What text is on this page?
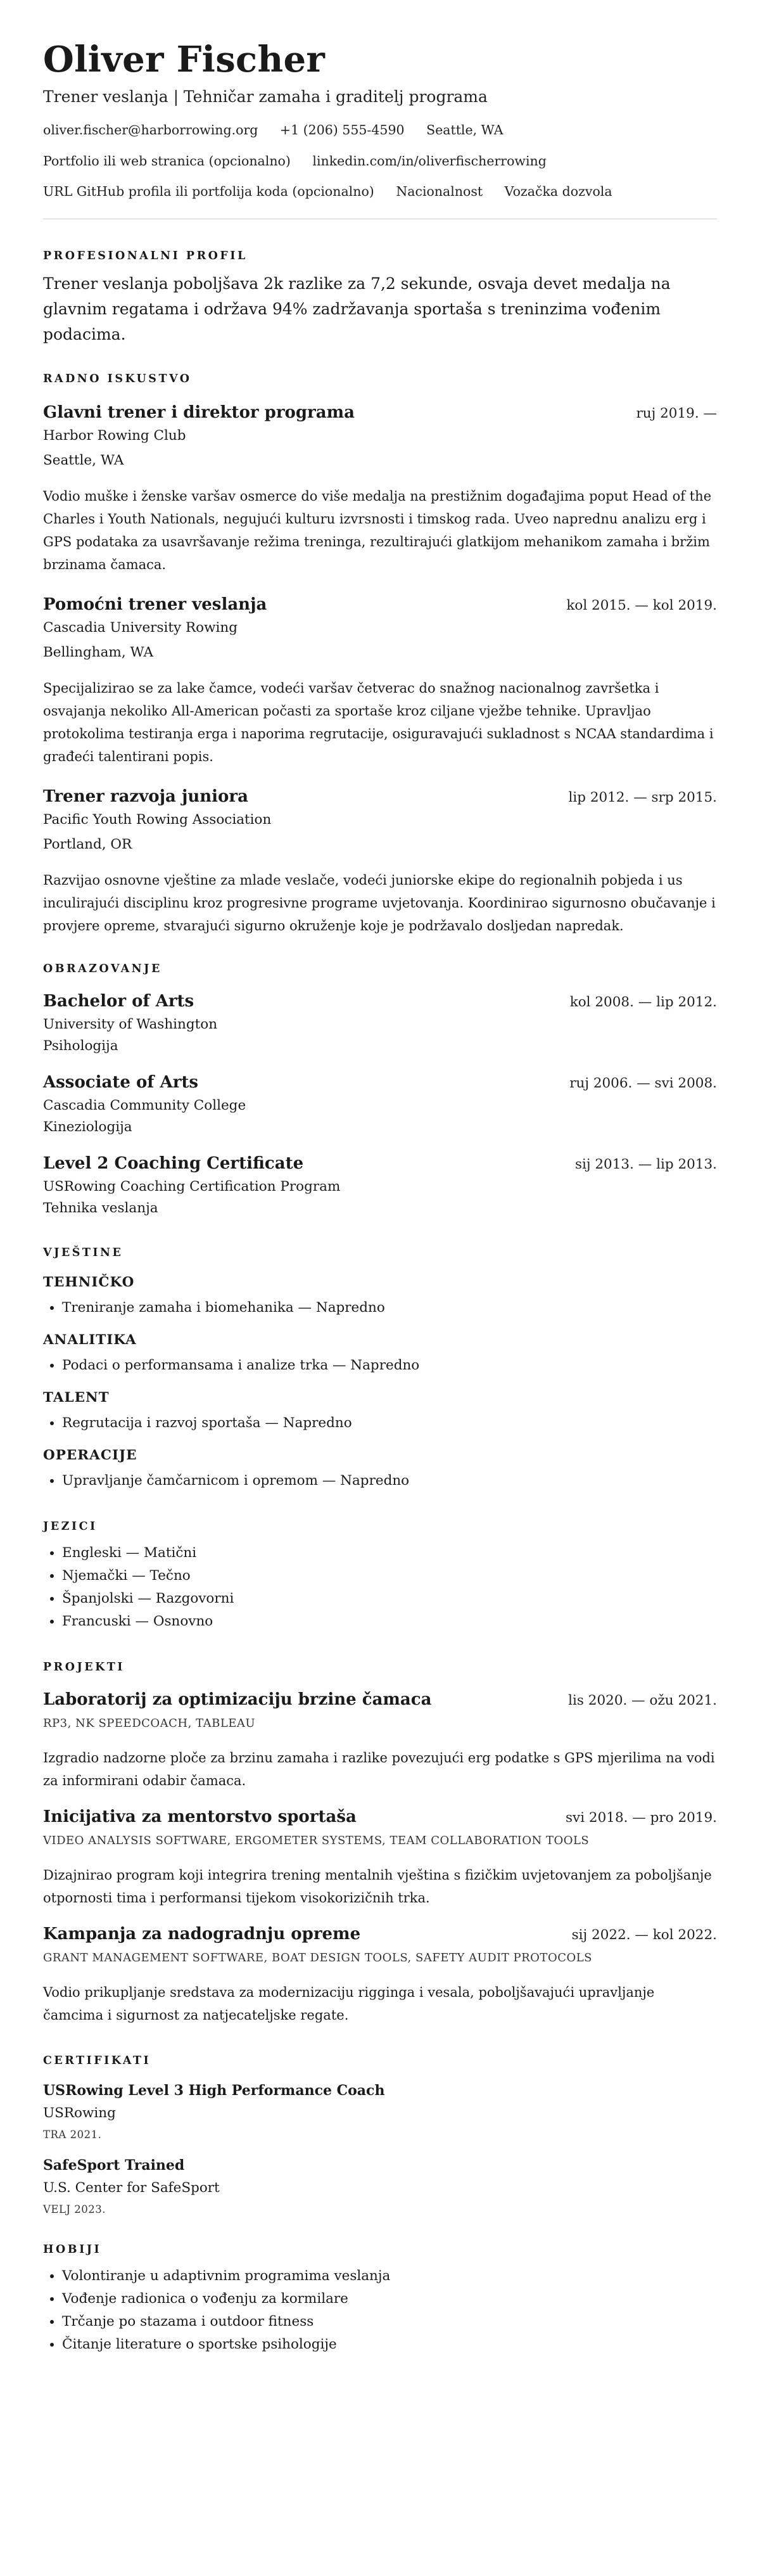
Oliver Fischer

Trener veslanja | Tehničar zamaha i graditelj programa

oliver.fischer@harborrowing.org +1 (206) 555-4590 Seattle, WA

Portfolio ili web stranica (opcionalno) linkedin.com/in/oliverfischerrowing

URL GitHub profila ili portfolija koda (opcionalno) Nacionalnost Vozačka dozvola

PROFESIONALNI PROFIL

Trener veslanja poboljšava 2k razlike za 7,2 sekunde, osvaja devet medalja na glavnim regatama i održava 94% zadržavanja sportaša s treninzima vođenim podacima.

RADNO ISKUSTVO
Glavni trener i direktor programa	ruj 2019. —
Harbor Rowing Club
Seattle, WA

Vodio muške i ženske varšav osmerce do više medalja na prestižnim događajima poput Head of the Charles i Youth Nationals, negujući kulturu izvrsnosti i timskog rada. Uveo naprednu analizu erg i GPS podataka za usavršavanje režima treninga, rezultirajući glatkijom mehanikom zamaha i bržim brzinama čamaca.

Pomoćni trener veslanja	kol 2015. — kol 2019.
Cascadia University Rowing
Bellingham, WA

Specijalizirao se za lake čamce, vodeći varšav četverac do snažnog nacionalnog završetka i osvajanja nekoliko All-American počasti za sportaše kroz ciljane vježbe tehnike. Upravljao protokolima testiranja erga i naporima regrutacije, osiguravajući sukladnost s NCAA standardima i građeći talentirani popis.

Trener razvoja juniora	lip 2012. — srp 2015.
Pacific Youth Rowing Association
Portland, OR

Razvijao osnovne vještine za mlade veslače, vodeći juniorske ekipe do regionalnih pobjeda i us inculirajući disciplinu kroz progresivne programe uvjetovanja. Koordinirao sigurnosno obučavanje i provjere opreme, stvarajući sigurno okruženje koje je podržavalo dosljedan napredak.

OBRAZOVANJE
Bachelor of Arts	kol 2008. — lip 2012.
University of Washington
Psihologija
Associate of Arts	ruj 2006. — svi 2008.
Cascadia Community College
Kineziologija
Level 2 Coaching Certificate	sij 2013. — lip 2013.
USRowing Coaching Certification Program
Tehnika veslanja
VJEŠTINE
TEHNIČKO
• Treniranje zamaha i biomehanika — Napredno
ANALITIKA
• Podaci o performansama i analize trka — Napredno
TALENT
• Regrutacija i razvoj sportaša — Napredno
OPERACIJE
• Upravljanje čamčarnicom i opremom — Napredno
JEZICI
• Engleski — Matični
• Njemački — Tečno
• Španjolski — Razgovorni
• Francuski — Osnovno
PROJEKTI
Laboratorij za optimizaciju brzine čamaca	lis 2020. — ožu 2021.
RP3, NK SPEEDCOACH, TABLEAU

Izgradio nadzorne ploče za brzinu zamaha i razlike povezujući erg podatke s GPS mjerilima na vodi za informirani odabir čamaca.

Inicijativa za mentorstvo sportaša	svi 2018. — pro 2019.
VIDEO ANALYSIS SOFTWARE, ERGOMETER SYSTEMS, TEAM COLLABORATION TOOLS

Dizajnirao program koji integrira trening mentalnih vještina s fizičkim uvjetovanjem za poboljšanje otpornosti tima i performansi tijekom visokorizičnih trka.

Kampanja za nadogradnju opreme	sij 2022. — kol 2022.
GRANT MANAGEMENT SOFTWARE, BOAT DESIGN TOOLS, SAFETY AUDIT PROTOCOLS

Vodio prikupljanje sredstava za modernizaciju rigginga i vesala, poboljšavajući upravljanje čamcima i sigurnost za natjecateljske regate.

CERTIFIKATI
USRowing Level 3 High Performance Coach
USRowing
TRA 2021.
SafeSport Trained
U.S. Center for SafeSport
VELJ 2023.
HOBIJI
• Volontiranje u adaptivnim programima veslanja
• Vođenje radionica o vođenju za kormilare
• Trčanje po stazama i outdoor fitness
• Čitanje literature o sportske psihologije
